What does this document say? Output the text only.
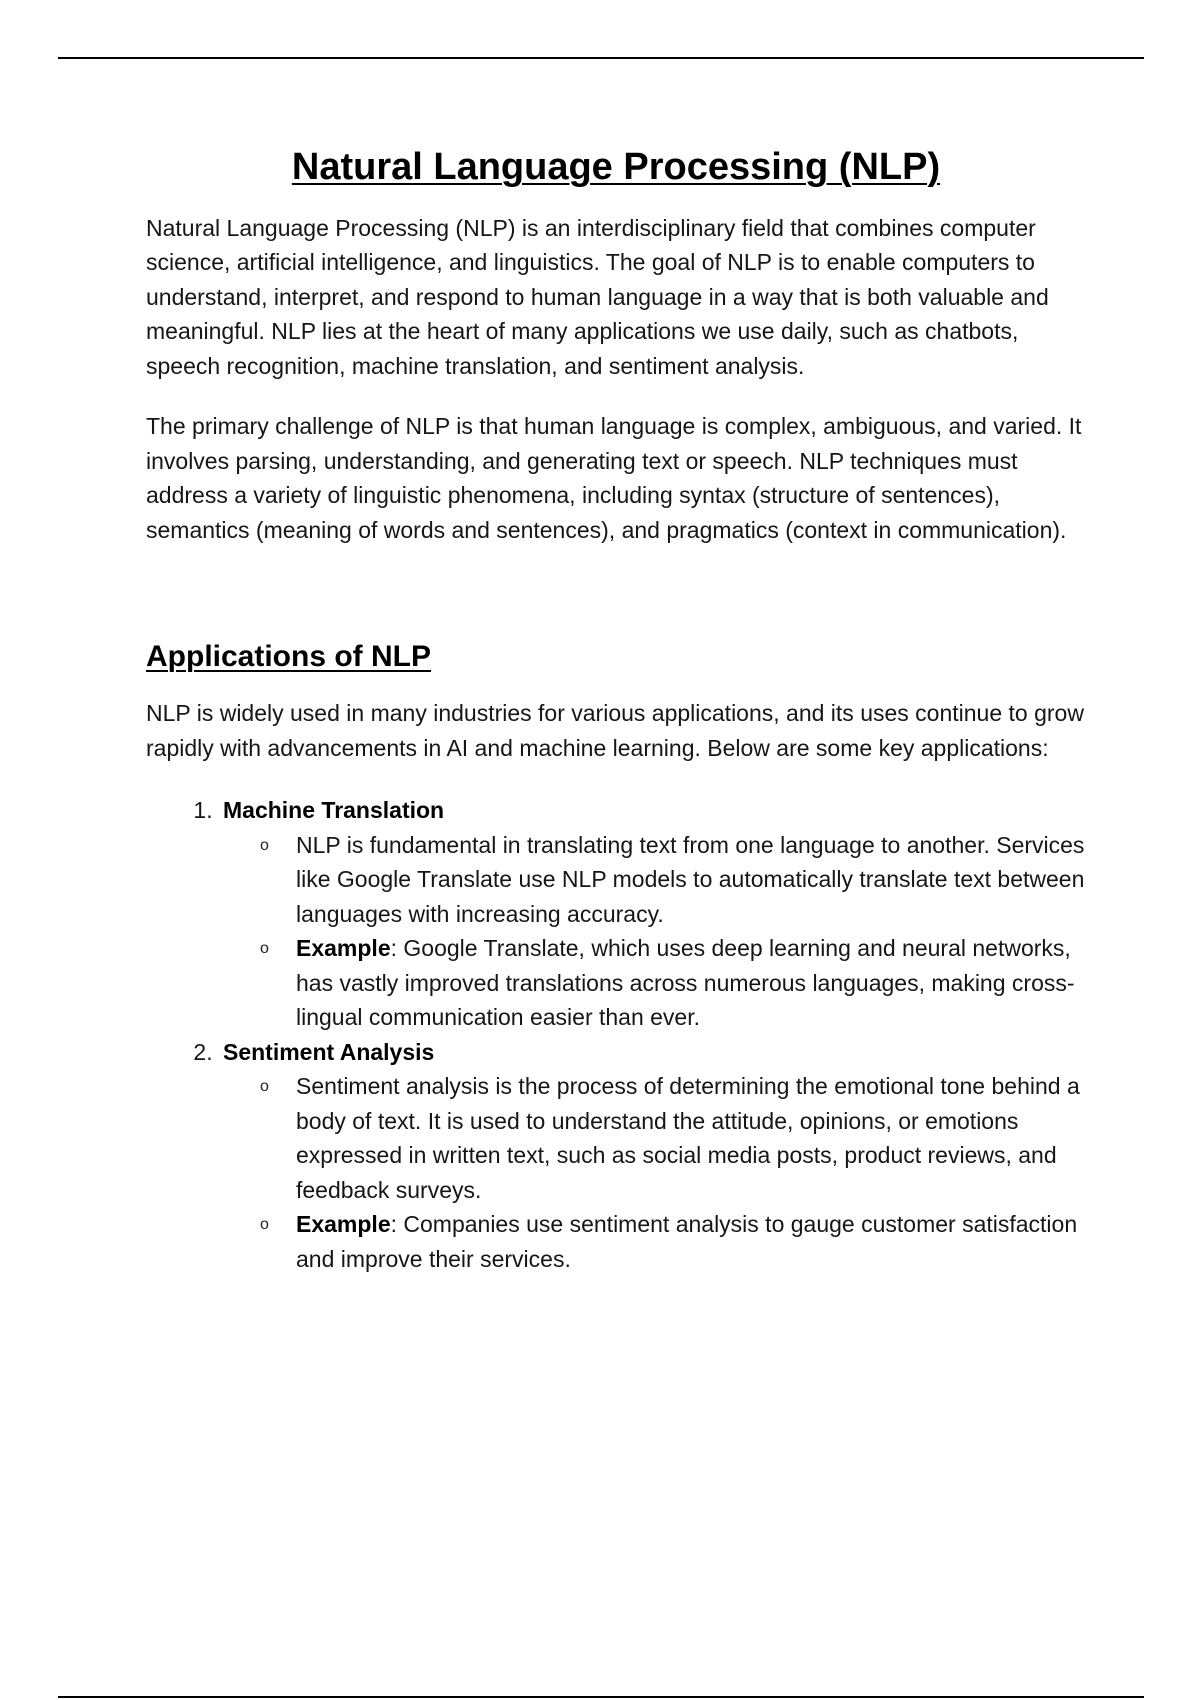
Natural Language Processing (NLP)

Natural Language Processing (NLP) is an interdisciplinary field that combines computer science, artificial intelligence, and linguistics. The goal of NLP is to enable computers to understand, interpret, and respond to human language in a way that is both valuable and meaningful. NLP lies at the heart of many applications we use daily, such as chatbots, speech recognition, machine translation, and sentiment analysis.

The primary challenge of NLP is that human language is complex, ambiguous, and varied. It involves parsing, understanding, and generating text or speech. NLP techniques must address a variety of linguistic phenomena, including syntax (structure of sentences), semantics (meaning of words and sentences), and pragmatics (context in communication).

Applications of NLP

NLP is widely used in many industries for various applications, and its uses continue to grow rapidly with advancements in AI and machine learning. Below are some key applications:

1. Machine Translation
o NLP is fundamental in translating text from one language to another. Services like Google Translate use NLP models to automatically translate text between languages with increasing accuracy.
o Example: Google Translate, which uses deep learning and neural networks, has vastly improved translations across numerous languages, making cross-lingual communication easier than ever.
2. Sentiment Analysis
o Sentiment analysis is the process of determining the emotional tone behind a body of text. It is used to understand the attitude, opinions, or emotions expressed in written text, such as social media posts, product reviews, and feedback surveys.
o Example: Companies use sentiment analysis to gauge customer satisfaction and improve their services.
